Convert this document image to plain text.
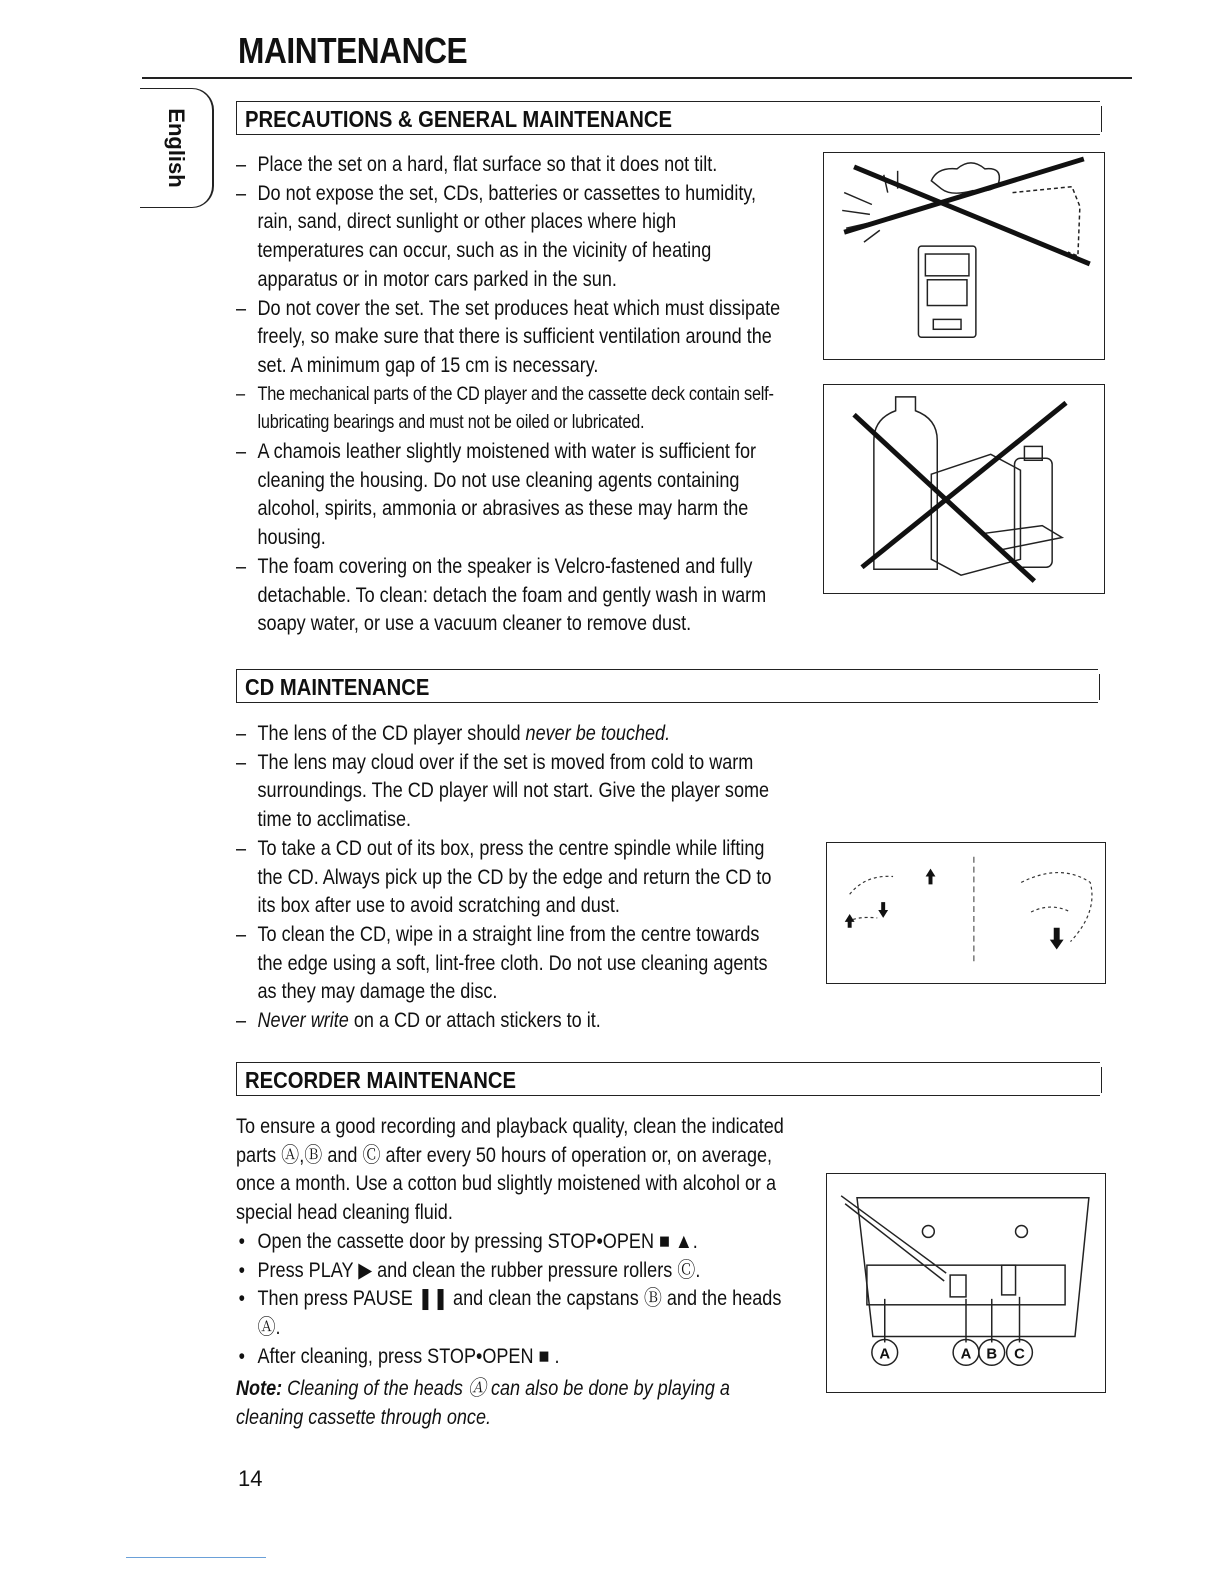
MAINTENANCE
English	PRECAUTIONS & GENERAL MAINTENANCE
– Place the set on a hard, flat surface so that it does not tilt.
– Do not expose the set, CDs, batteries or cassettes to humidity, rain, sand, direct sunlight or other places where high temperatures can occur, such as in the vicinity of heating apparatus or in motor cars parked in the sun.
– Do not cover the set. The set produces heat which must dissipate freely, so make sure that there is sufficient ventilation around the set. A minimum gap of 15 cm is necessary.
– The mechanical parts of the CD player and the cassette deck contain self-lubricating bearings and must not be oiled or lubricated.
– A chamois leather slightly moistened with water is sufficient for cleaning the housing. Do not use cleaning agents containing alcohol, spirits, ammonia or abrasives as these may harm the housing.
– The foam covering on the speaker is Velcro-fastened and fully detachable. To clean: detach the foam and gently wash in warm soapy water, or use a vacuum cleaner to remove dust.
CD MAINTENANCE
– The lens of the CD player should never be touched.
– The lens may cloud over if the set is moved from cold to warm surroundings. The CD player will not start. Give the player some time to acclimatise.
– To take a CD out of its box, press the centre spindle while lifting the CD. Always pick up the CD by the edge and return the CD to its box after use to avoid scratching and dust.
– To clean the CD, wipe in a straight line from the centre towards the edge using a soft, lint-free cloth. Do not use cleaning agents as they may damage the disc.
– Never write on a CD or attach stickers to it.
RECORDER MAINTENANCE
To ensure a good recording and playback quality, clean the indicated parts Ⓐ,Ⓑ and Ⓒ after every 50 hours of operation or, on average, once a month. Use a cotton bud slightly moistened with alcohol or a special head cleaning fluid.
• Open the cassette door by pressing STOP•OPEN ■ ▲.
• Press PLAY ▶ and clean the rubber pressure rollers Ⓒ.
• Then press PAUSE ❚❚ and clean the capstans Ⓑ and the heads Ⓐ.
• After cleaning, press STOP•OPEN ■ .
Note: Cleaning of the heads Ⓐ can also be done by playing a cleaning cassette through once.
A	A B C
14
